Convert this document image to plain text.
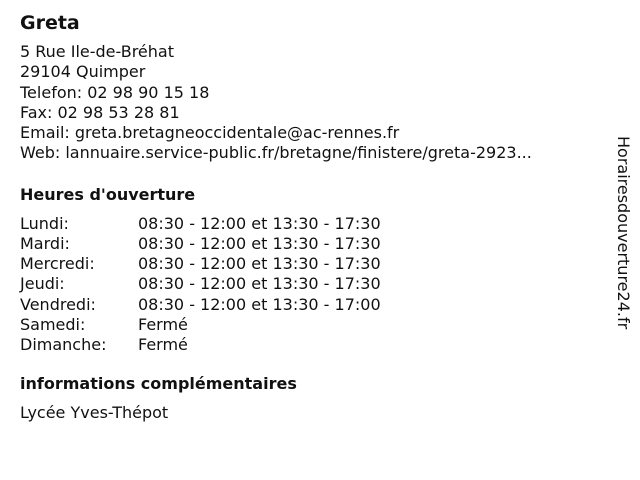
Greta
5 Rue Ile-de-Bréhat
29104 Quimper
Telefon: 02 98 90 15 18
Fax: 02 98 53 28 81
Email: greta.bretagneoccidentale@ac-rennes.fr
Web: lannuaire.service-public.fr/bretagne/finistere/greta-2923...
Heures d'ouverture
Lundi:	08:30 - 12:00 et 13:30 - 17:30
Mardi:	08:30 - 12:00 et 13:30 - 17:30
Mercredi:	08:30 - 12:00 et 13:30 - 17:30
Jeudi:	08:30 - 12:00 et 13:30 - 17:30
Vendredi:	08:30 - 12:00 et 13:30 - 17:00
Samedi:	Fermé
Dimanche:	Fermé
informations complémentaires
Lycée Yves-Thépot
Horairesdouverture24.fr
